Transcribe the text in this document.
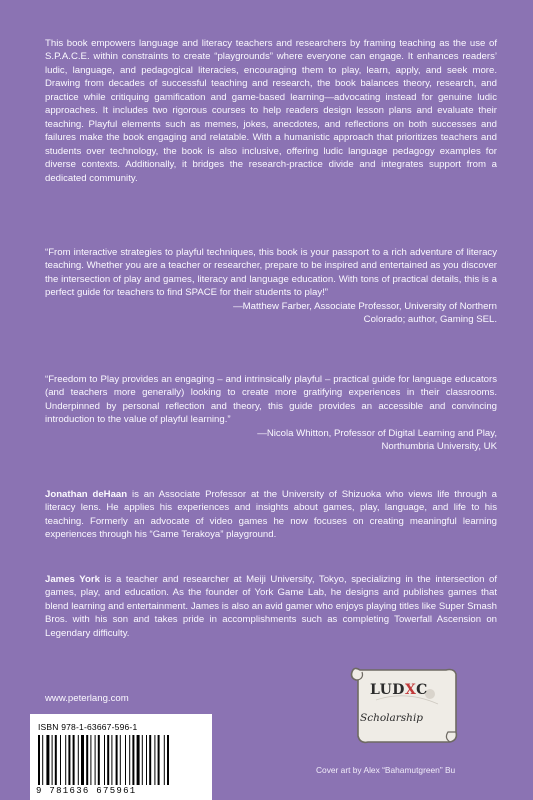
This book empowers language and literacy teachers and researchers by framing teaching as the use of S.P.A.C.E. within constraints to create “playgrounds” where everyone can engage. It enhances readers’ ludic, language, and pedagogical literacies, encouraging them to play, learn, apply, and seek more. Drawing from decades of successful teaching and research, the book balances theory, research, and practice while critiquing gamification and game-based learning—advocating instead for genuine ludic approaches. It includes two rigorous courses to help readers design lesson plans and evaluate their teaching. Playful elements such as memes, jokes, anecdotes, and reflections on both successes and failures make the book engaging and relatable. With a humanistic approach that prioritizes teachers and students over technology, the book is also inclusive, offering ludic language pedagogy examples for diverse contexts. Additionally, it bridges the research-practice divide and integrates support from a dedicated community.

“From interactive strategies to playful techniques, this book is your passport to a rich adventure of literacy teaching. Whether you are a teacher or researcher, prepare to be inspired and entertained as you discover the intersection of play and games, literacy and language education. With tons of practical details, this is a perfect guide for teachers to find SPACE for their students to play!”

—Matthew Farber, Associate Professor, University of Northern Colorado; author, Gaming SEL.

“Freedom to Play provides an engaging – and intrinsically playful – practical guide for language educators (and teachers more generally) looking to create more gratifying experiences in their classrooms. Underpinned by personal reflection and theory, this guide provides an accessible and convincing introduction to the value of playful learning.”

—Nicola Whitton, Professor of Digital Learning and Play, Northumbria University, UK

Jonathan deHaan is an Associate Professor at the University of Shizuoka who views life through a literacy lens. He applies his experiences and insights about games, play, language, and life to his teaching. Formerly an advocate of video games he now focuses on creating meaningful learning experiences through his “Game Terakoya” playground.

James York is a teacher and researcher at Meiji University, Tokyo, specializing in the intersection of games, play, and education. As the founder of York Game Lab, he designs and publishes games that blend learning and entertainment. James is also an avid gamer who enjoys playing titles like Super Smash Bros. with his son and takes pride in accomplishments such as completing Towerfall Ascension on Legendary difficulty.

www.peterlang.com
ISBN 978-1-63667-596-1
9 781636 675961
LUDXC
Scholarship
Cover art by Alex “Bahamutgreen” Bu
